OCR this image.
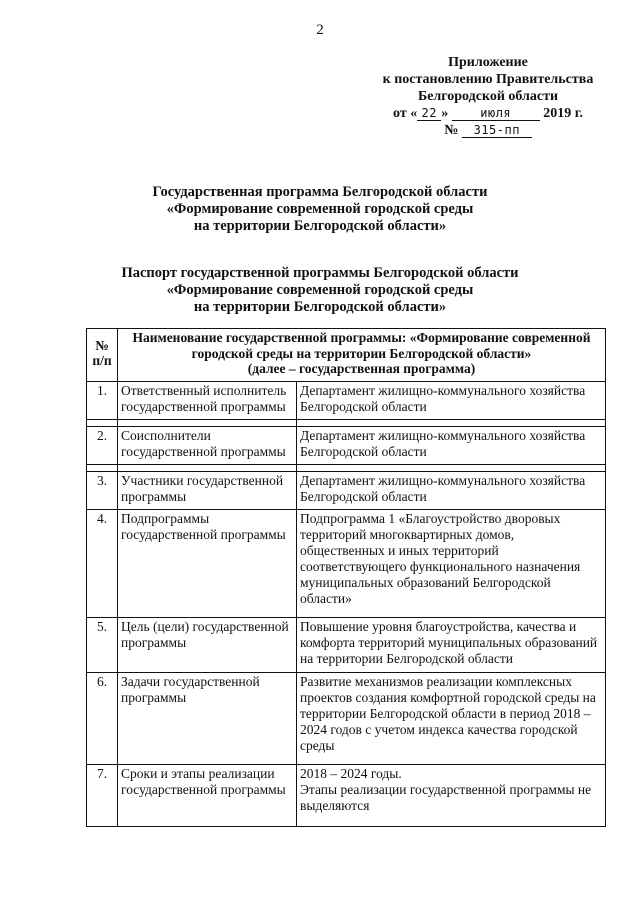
2
Приложение
к постановлению Правительства
Белгородской области
от « 22 »	июля 2019 г.
№ 315-пп
Государственная программа Белгородской области
«Формирование современной городской среды
на территории Белгородской области»
Паспорт государственной программы Белгородской области
«Формирование современной городской среды
на территории Белгородской области»
№ п/п	Наименование государственной программы: «Формирование современной городской среды на территории Белгородской области»
(далее – государственная программа)	

1.	Ответственный исполнитель государственной программы	Департамент жилищно-коммунального хозяйства Белгородской области

2.	Соисполнители государственной программы	Департамент жилищно-коммунального хозяйства Белгородской области

3.	Участники государственной программы	Департамент жилищно-коммунального хозяйства Белгородской области
4.	Подпрограммы государственной программы	Подпрограмма 1 «Благоустройство дворовых территорий многоквартирных домов, общественных и иных территорий соответствующего функционального назначения муниципальных образований Белгородской области»
5.	Цель (цели) государственной программы	Повышение уровня благоустройства, качества и комфорта территорий муниципальных образований на территории Белгородской области
6.	Задачи государственной программы	Развитие механизмов реализации комплексных проектов создания комфортной городской среды на территории Белгородской области в период 2018 – 2024 годов с учетом индекса качества городской среды
7.	Сроки и этапы реализации государственной программы	2018 – 2024 годы.
Этапы реализации государственной программы не выделяются
